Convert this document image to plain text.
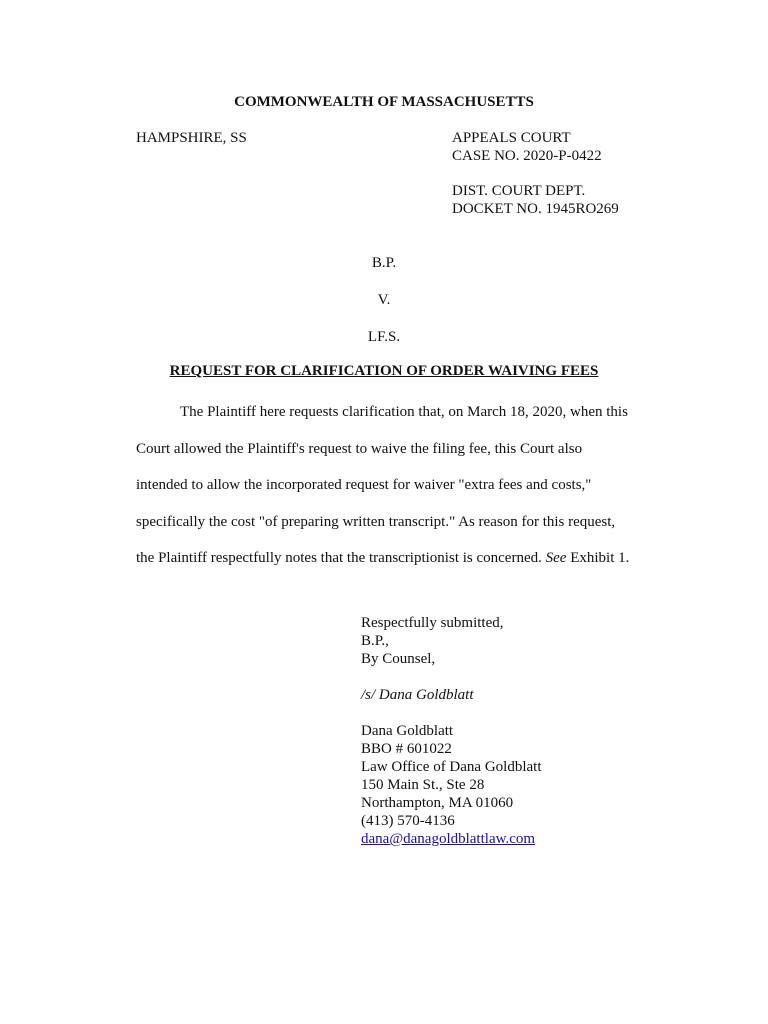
COMMONWEALTH OF MASSACHUSETTS
HAMPSHIRE, SS	APPEALS COURT
CASE NO. 2020-P-0422
DIST. COURT DEPT.
DOCKET NO. 1945RO269
B.P.
V.
LF.S.
REQUEST FOR CLARIFICATION OF ORDER WAIVING FEES
The Plaintiff here requests clarification that, on March 18, 2020, when this
Court allowed the Plaintiff's request to waive the filing fee, this Court also
intended to allow the incorporated request for waiver "extra fees and costs,"
specifically the cost "of preparing written transcript." As reason for this request,
the Plaintiff respectfully notes that the transcriptionist is concerned. See Exhibit 1.
Respectfully submitted,
B.P.,
By Counsel,
/s/ Dana Goldblatt
Dana Goldblatt
BBO # 601022
Law Office of Dana Goldblatt
150 Main St., Ste 28
Northampton, MA 01060
(413) 570-4136
dana@danagoldblattlaw.com
